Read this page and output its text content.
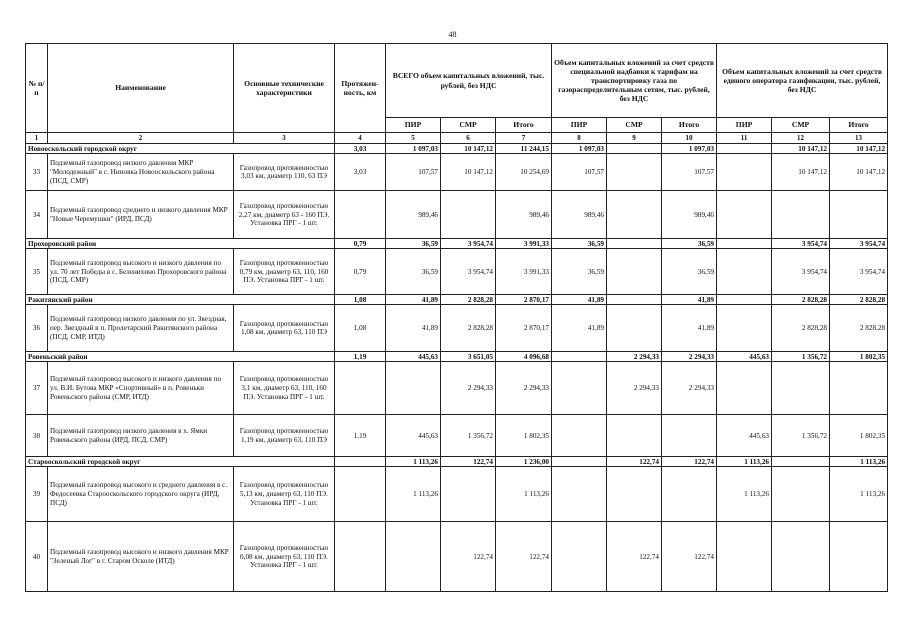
48
№ п/п	Наименование	Основные технические характеристики	Протяжен-ность, км	ВСЕГО объем капитальных вложений, тыс. рублей, без НДС			Объем капитальных вложений за счет средств специальной надбавки к тарифам на транспортировку газа по газораспределительным сетям, тыс. рублей, без НДС			Объем капитальных вложений за счет средств единого оператора газификации, тыс. рублей, без НДС		
				ПИР	СМР	Итого	ПИР	СМР	Итого	ПИР	СМР	Итого
1	2	3	4	5	6	7	8	9	10	11	12	13
Новооскольский городской округ			3,03	1 097,03	10 147,12	11 244,15	1 097,03		1 097,03		10 147,12	10 147,12
33	Подземный газопровод низкого давления МКР "Молодежный" в с. Ниновка Новооскольского района (ПСД, СМР)	Газопровод протяженностью 3,03 км, диаметр 110, 63 ПЭ	3,03	107,57	10 147,12	10 254,69	107,57		107,57		10 147,12	10 147,12
34	Подземный газопровод среднего и низкого давления МКР "Новые Черемушки" (ИРД, ПСД)	Газопровод протяженностью 2,27 км, диаметр 63 - 160 ПЭ. Установка ПРГ - 1 шт.		989,46		989,46	989,46		989,46			
Прохоровский район			0,79	36,59	3 954,74	3 991,33	36,59		36,59		3 954,74	3 954,74
35	Подземный газопровод высокого и низкого давления по ул. 70 лет Победы в с. Беленихино Прохоровского района (ПСД, СМР)	Газопровод протяженностью 0,79 км, диаметр 63, 110, 160 ПЭ. Установка ПРГ - 1 шт.	0,79	36,59	3 954,74	3 991,33	36,59		36,59		3 954,74	3 954,74
Ракитянский район			1,08	41,89	2 828,28	2 870,17	41,89		41,89		2 828,28	2 828,28
36	Подземный газопровод низкого давления по ул. Звездная, пер. Звездный в п. Пролетарский Ракитянского района (ПСД, СМР, ИТД)	Газопровод протяженностью 1,08 км, диаметр 63, 110 ПЭ	1,08	41,89	2 828,28	2 870,17	41,89		41,89		2 828,28	2 828,28
Ровеньский район			1,19	445,63	3 651,05	4 096,68		2 294,33	2 294,33	445,63	1 356,72	1 802,35
37	Подземный газопровод высокого и низкого давления по ул. В.И. Бутова МКР «Спортивный» в п. Ровеньки Ровеньского района (СМР, ИТД)	Газопровод протяженностью 3,1 км, диаметр 63, 110, 160 ПЭ. Установка ПРГ - 1 шт.			2 294,33	2 294,33		2 294,33	2 294,33			
38	Подземный газопровод низкого давления в х. Ямки Ровеньского района (ИРД, ПСД, СМР)	Газопровод протяженностью 1,19 км, диаметр 63, 110 ПЭ	1,19	445,63	1 356,72	1 802,35				445,63	1 356,72	1 802,35
Старооскольский городской округ				1 113,26	122,74	1 236,00		122,74	122,74	1 113,26		1 113,26
39	Подземный газопровод высокого и среднего давления в с. Федосеевка Старооскольского городского округа (ИРД, ПСД)	Газопровод протяженностью 5,13 км, диаметр 63, 110 ПЭ. Установка ПРГ - 1 шт.		1 113,26		1 113,26				1 113,26		1 113,26
40	Подземный газопровод высокого и низкого давления МКР "Зеленый Лог" в г. Старом Осколе (ИТД)	Газопровод протяженностью 0,08 км, диаметр 63, 110 ПЭ. Установка ПРГ - 1 шт.			122,74	122,74		122,74	122,74			
